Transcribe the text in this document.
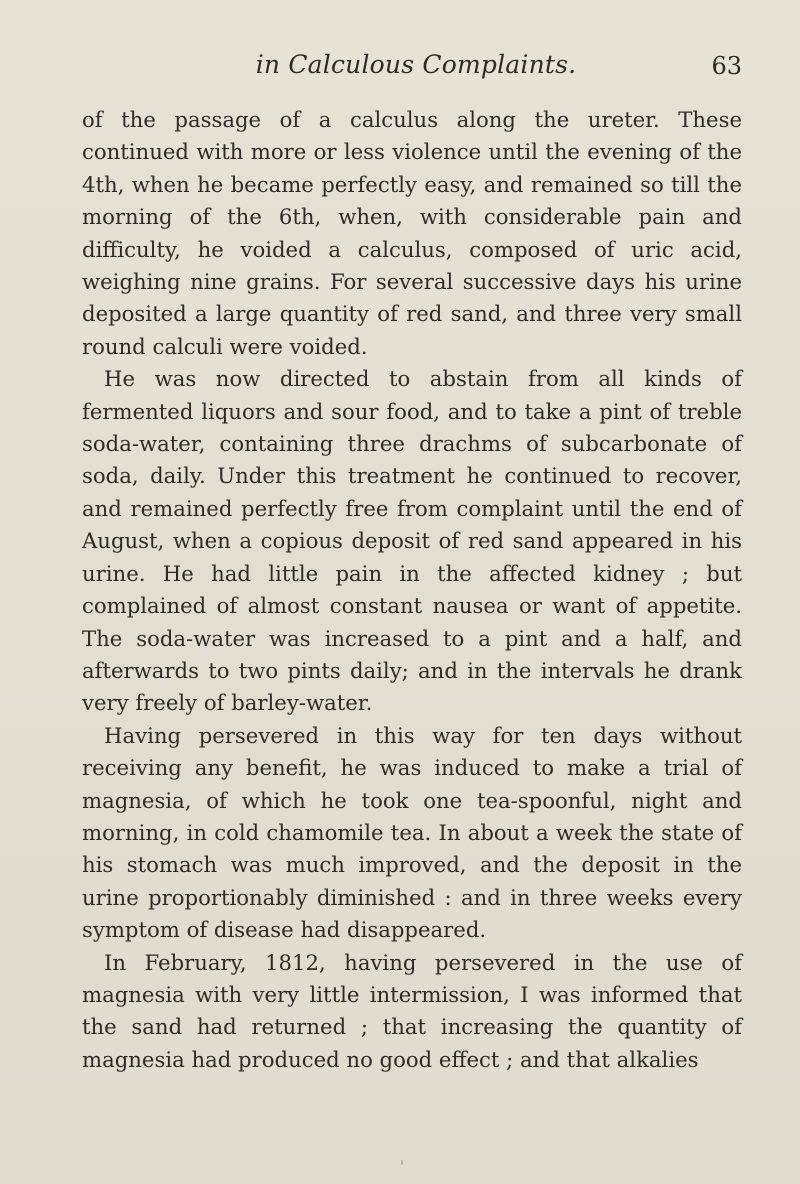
in Calculous Complaints.	63

of the passage of a calculus along the ureter. These continued with more or less violence until the evening of the 4th, when he became perfectly easy, and remained so till the morning of the 6th, when, with considerable pain and difficulty, he voided a calculus, composed of uric acid, weighing nine grains. For several successive days his urine deposited a large quantity of red sand, and three very small round calculi were voided.

He was now directed to abstain from all kinds of fermented liquors and sour food, and to take a pint of treble soda-water, containing three drachms of subcarbonate of soda, daily. Under this treatment he continued to recover, and remained perfectly free from complaint until the end of August, when a copious deposit of red sand appeared in his urine. He had little pain in the affected kidney ; but complained of almost constant nausea or want of appetite. The soda-water was increased to a pint and a half, and afterwards to two pints daily; and in the intervals he drank very freely of barley-water.

Having persevered in this way for ten days without receiving any benefit, he was induced to make a trial of magnesia, of which he took one tea-spoonful, night and morning, in cold chamomile tea. In about a week the state of his stomach was much improved, and the deposit in the urine proportionably diminished : and in three weeks every symptom of disease had disappeared.

In February, 1812, having persevered in the use of magnesia with very little intermission, I was informed that the sand had returned ; that increasing the quantity of magnesia had produced no good effect ; and that alkalies
